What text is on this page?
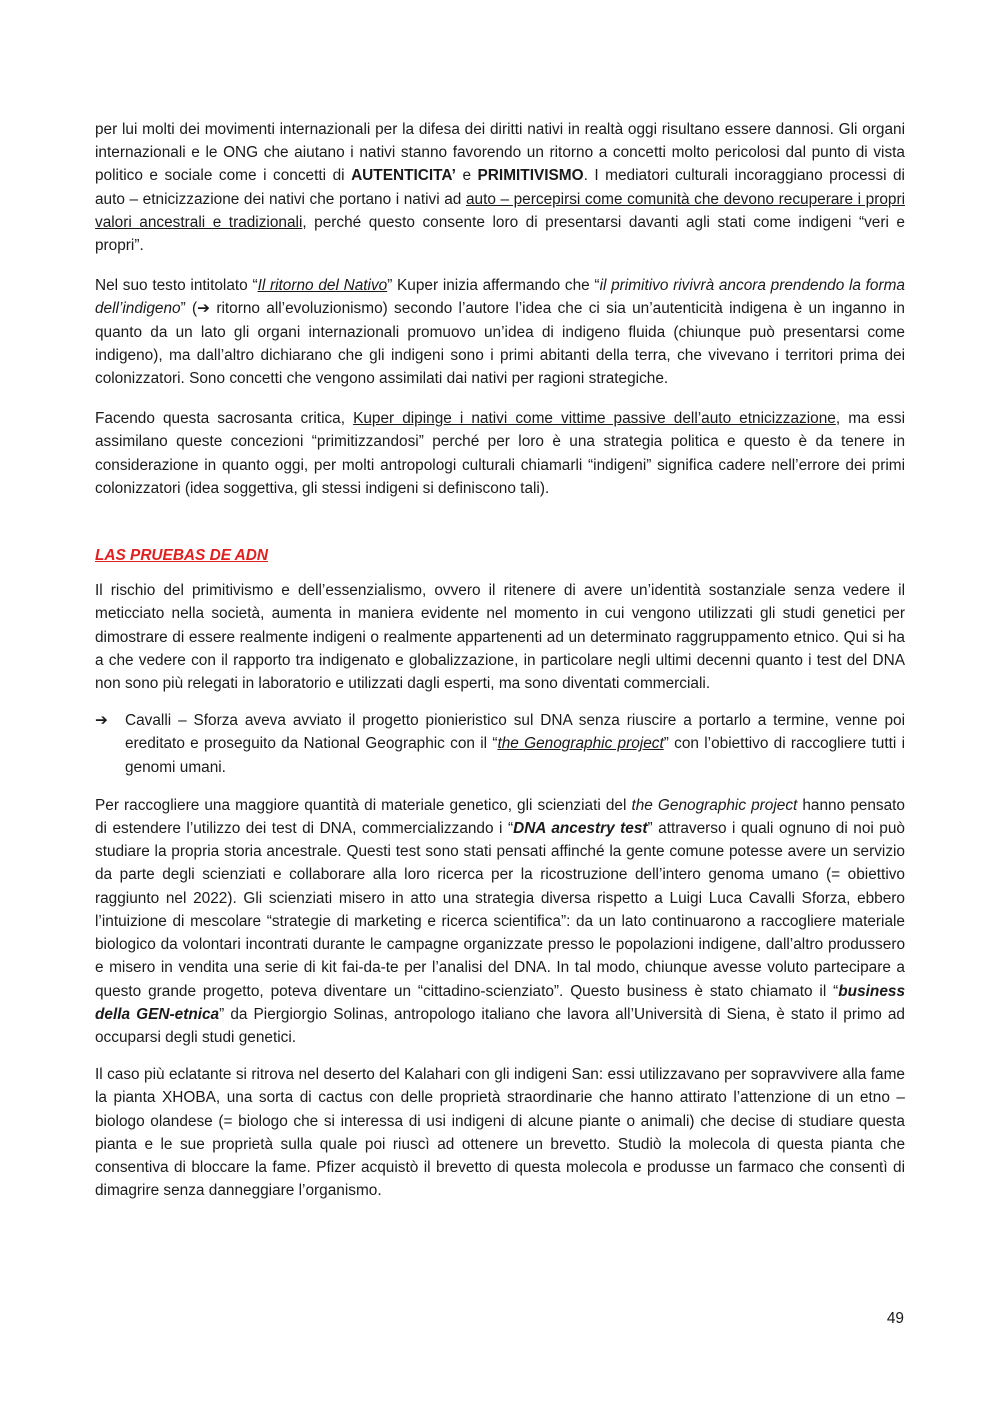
per lui molti dei movimenti internazionali per la difesa dei diritti nativi in realtà oggi risultano essere dannosi. Gli organi internazionali e le ONG che aiutano i nativi stanno favorendo un ritorno a concetti molto pericolosi dal punto di vista politico e sociale come i concetti di AUTENTICITA’ e PRIMITIVISMO. I mediatori culturali incoraggiano processi di auto – etnicizzazione dei nativi che portano i nativi ad auto – percepirsi come comunità che devono recuperare i propri valori ancestrali e tradizionali, perché questo consente loro di presentarsi davanti agli stati come indigeni “veri e propri”.

Nel suo testo intitolato “Il ritorno del Nativo” Kuper inizia affermando che “il primitivo rivivrà ancora prendendo la forma dell’indigeno” (➔ ritorno all’evoluzionismo) secondo l’autore l’idea che ci sia un’autenticità indigena è un inganno in quanto da un lato gli organi internazionali promuovo un’idea di indigeno fluida (chiunque può presentarsi come indigeno), ma dall’altro dichiarano che gli indigeni sono i primi abitanti della terra, che vivevano i territori prima dei colonizzatori. Sono concetti che vengono assimilati dai nativi per ragioni strategiche.

Facendo questa sacrosanta critica, Kuper dipinge i nativi come vittime passive dell’auto etnicizzazione, ma essi assimilano queste concezioni “primitizzandosi” perché per loro è una strategia politica e questo è da tenere in considerazione in quanto oggi, per molti antropologi culturali chiamarli “indigeni” significa cadere nell’errore dei primi colonizzatori (idea soggettiva, gli stessi indigeni si definiscono tali).

LAS PRUEBAS DE ADN

Il rischio del primitivismo e dell’essenzialismo, ovvero il ritenere di avere un’identità sostanziale senza vedere il meticciato nella società, aumenta in maniera evidente nel momento in cui vengono utilizzati gli studi genetici per dimostrare di essere realmente indigeni o realmente appartenenti ad un determinato raggruppamento etnico. Qui si ha a che vedere con il rapporto tra indigenato e globalizzazione, in particolare negli ultimi decenni quanto i test del DNA non sono più relegati in laboratorio e utilizzati dagli esperti, ma sono diventati commerciali.

➔	Cavalli – Sforza aveva avviato il progetto pionieristico sul DNA senza riuscire a portarlo a termine, venne poi ereditato e proseguito da National Geographic con il “the Genographic project” con l’obiettivo di raccogliere tutti i genomi umani.

Per raccogliere una maggiore quantità di materiale genetico, gli scienziati del the Genographic project hanno pensato di estendere l’utilizzo dei test di DNA, commercializzando i “DNA ancestry test” attraverso i quali ognuno di noi può studiare la propria storia ancestrale. Questi test sono stati pensati affinché la gente comune potesse avere un servizio da parte degli scienziati e collaborare alla loro ricerca per la ricostruzione dell’intero genoma umano (= obiettivo raggiunto nel 2022). Gli scienziati misero in atto una strategia diversa rispetto a Luigi Luca Cavalli Sforza, ebbero l’intuizione di mescolare “strategie di marketing e ricerca scientifica”: da un lato continuarono a raccogliere materiale biologico da volontari incontrati durante le campagne organizzate presso le popolazioni indigene, dall’altro produssero e misero in vendita una serie di kit fai-da-te per l’analisi del DNA. In tal modo, chiunque avesse voluto partecipare a questo grande progetto, poteva diventare un “cittadino-scienziato”. Questo business è stato chiamato il “business della GEN-etnica” da Piergiorgio Solinas, antropologo italiano che lavora all’Università di Siena, è stato il primo ad occuparsi degli studi genetici.

Il caso più eclatante si ritrova nel deserto del Kalahari con gli indigeni San: essi utilizzavano per sopravvivere alla fame la pianta XHOBA, una sorta di cactus con delle proprietà straordinarie che hanno attirato l’attenzione di un etno – biologo olandese (= biologo che si interessa di usi indigeni di alcune piante o animali) che decise di studiare questa pianta e le sue proprietà sulla quale poi riuscì ad ottenere un brevetto. Studiò la molecola di questa pianta che consentiva di bloccare la fame. Pfizer acquistò il brevetto di questa molecola e produsse un farmaco che consentì di dimagrire senza danneggiare l’organismo.

49
